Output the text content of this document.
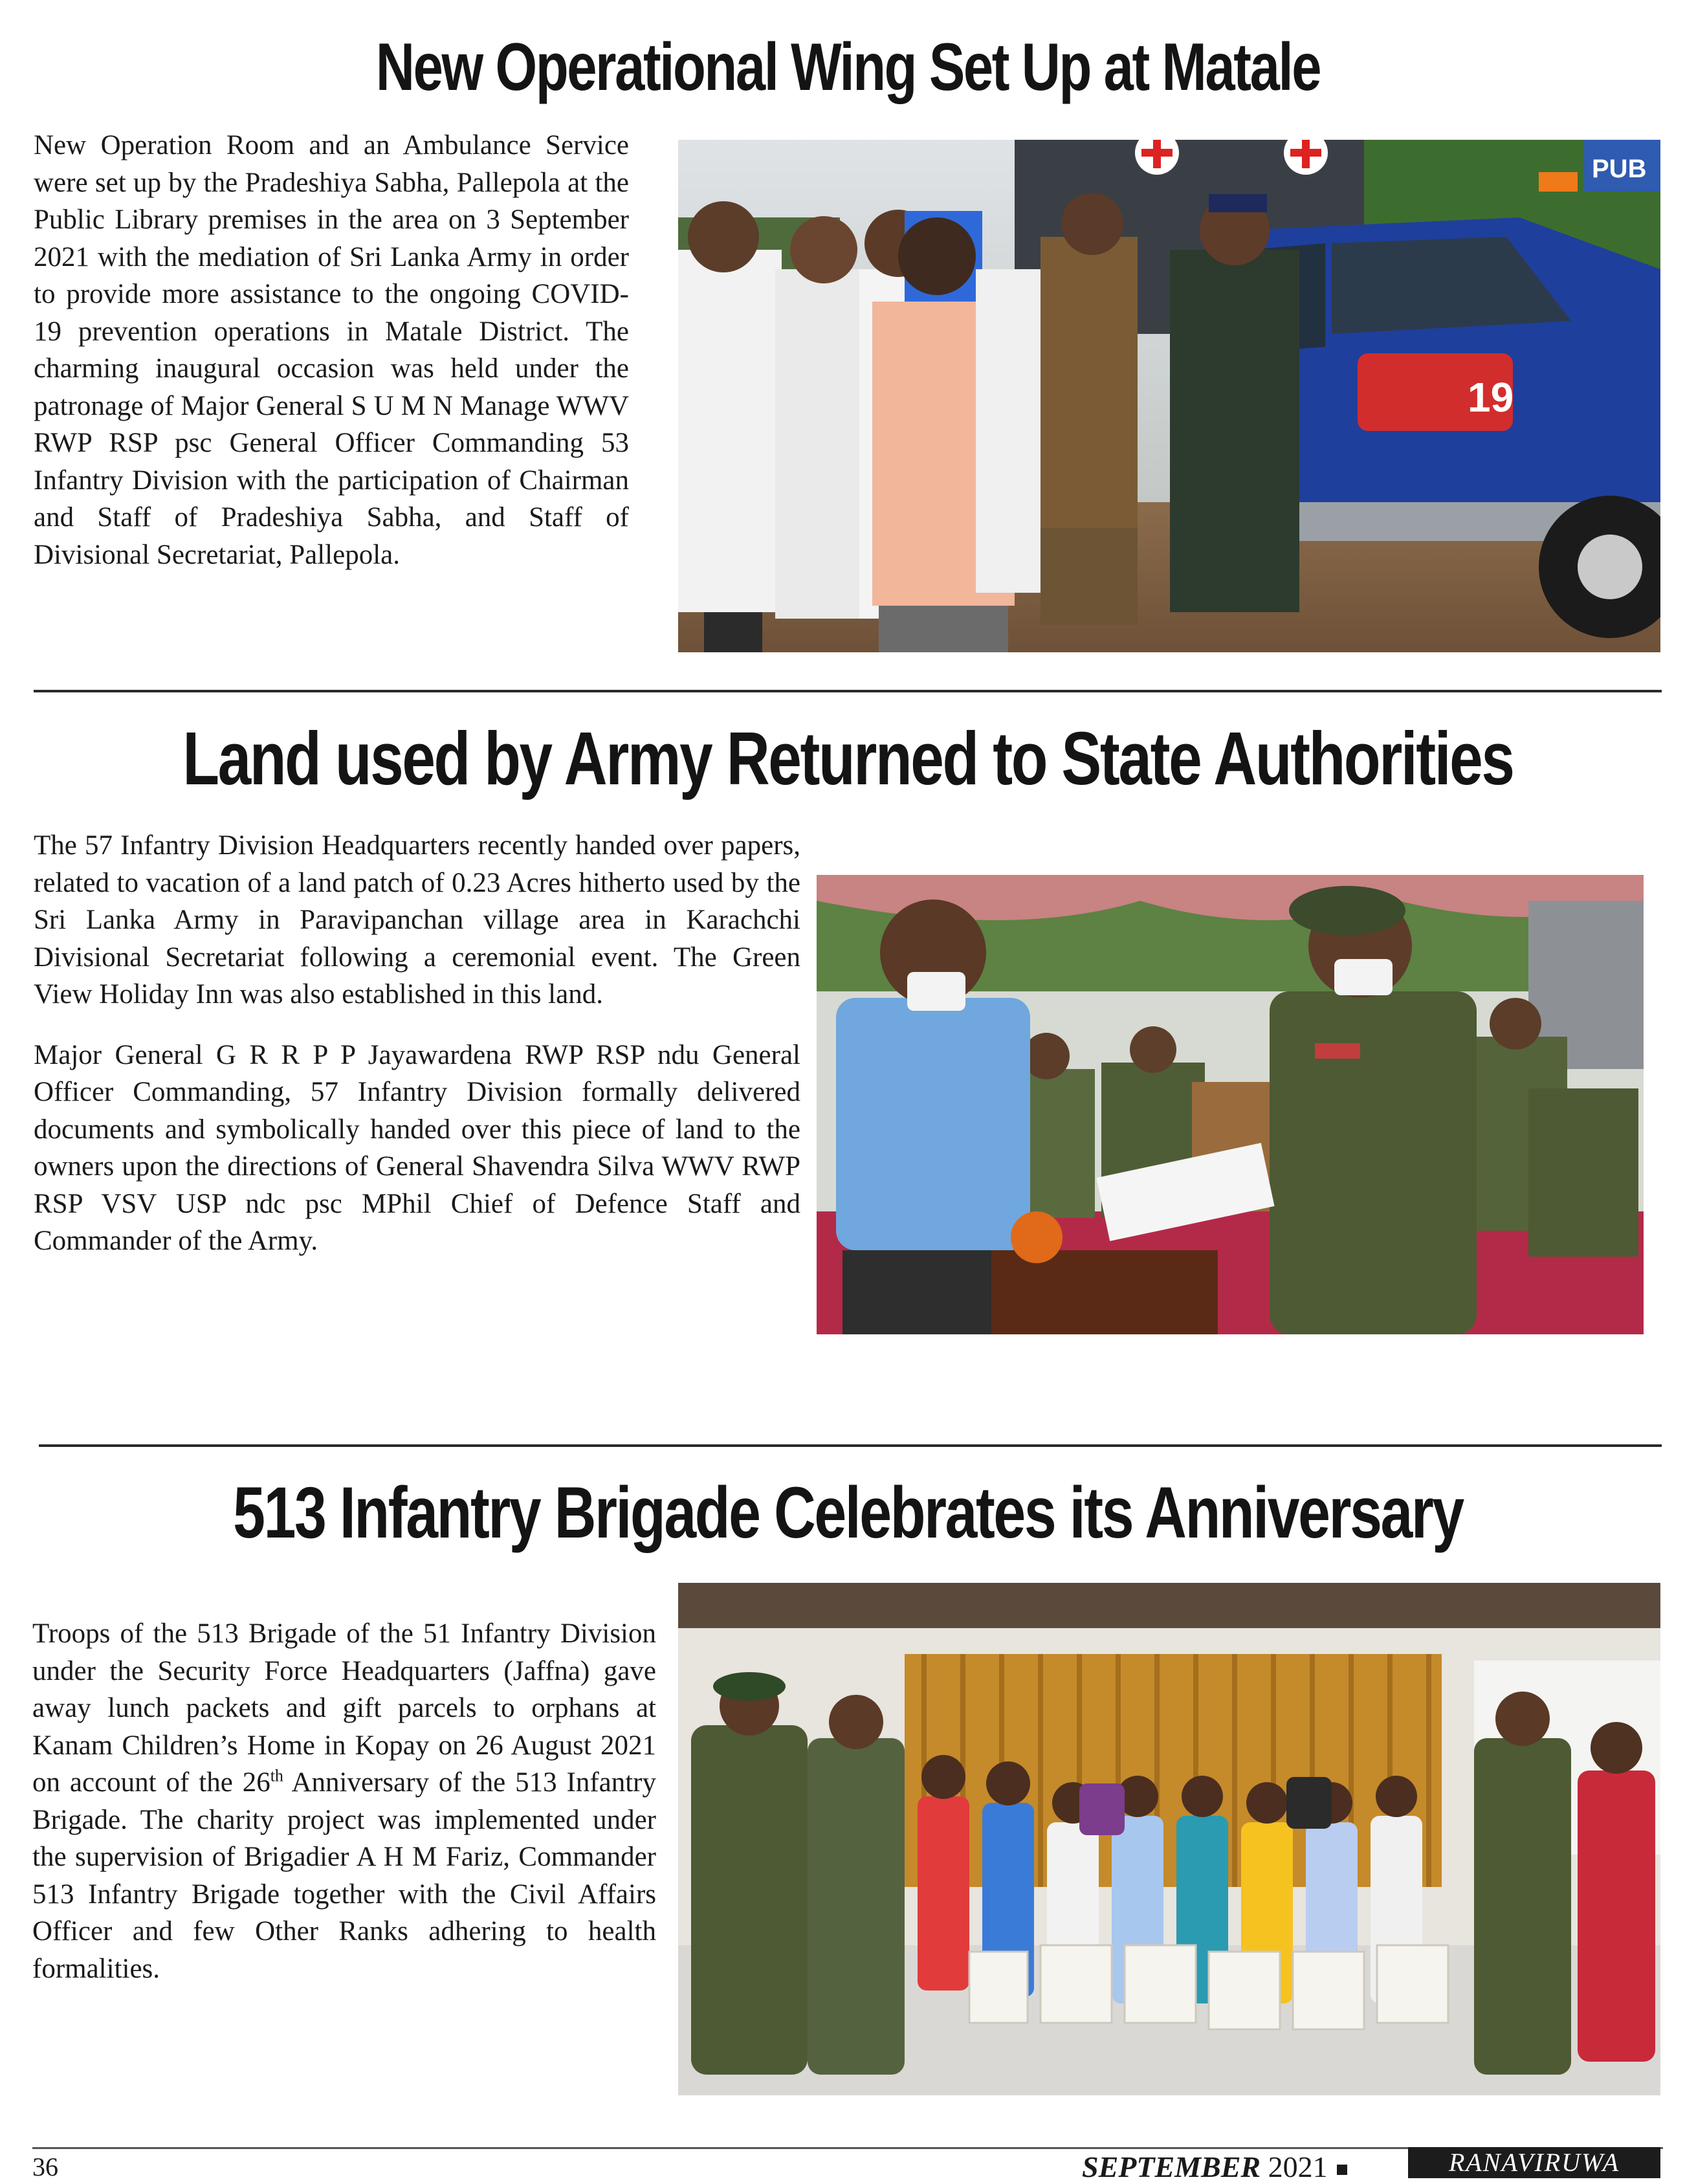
New Operational Wing Set Up at Matale

New Operation Room and an Ambulance Service were set up by the Pradeshiya Sabha, Pallepola at the Public Library premises in the area on 3 September 2021 with the mediation of Sri Lanka Army in order to provide more assistance to the ongoing COVID-19 prevention operations in Matale District. The charming inaugural occasion was held under the patronage of Major General S U M N Manage WWV RWP RSP psc General Officer Commanding 53 Infantry Division with the participation of Chairman and Staff of Pradeshiya Sabha, and Staff of Divisional Secretariat, Pallepola.

PUB
19
Land used by Army Returned to State Authorities

The 57 Infantry Division Headquarters recently handed over papers, related to vacation of a land patch of 0.23 Acres hitherto used by the Sri Lanka Army in Paravipanchan village area in Karachchi Divisional Secretariat following a ceremonial event. The Green View Holiday Inn was also established in this land.

Major General G R R P P Jayawardena RWP RSP ndu General Officer Commanding, 57 Infantry Division formally delivered documents and symbolically handed over this piece of land to the owners upon the directions of General Shavendra Silva WWV RWP RSP VSV USP ndc psc MPhil Chief of Defence Staff and Commander of the Army.

513 Infantry Brigade Celebrates its Anniversary

Troops of the 513 Brigade of the 51 Infantry Division under the Security Force Headquarters (Jaffna) gave away lunch packets and gift parcels to orphans at Kanam Children’s Home in Kopay on 26 August 2021 on account of the 26th Anniversary of the 513 Infantry Brigade. The charity project was implemented under the supervision of Brigadier A H M Fariz, Commander 513 Infantry Brigade together with the Civil Affairs Officer and few Other Ranks adhering to health formalities.

36	SEPTEMBER 2021	RANAVIRUWA
